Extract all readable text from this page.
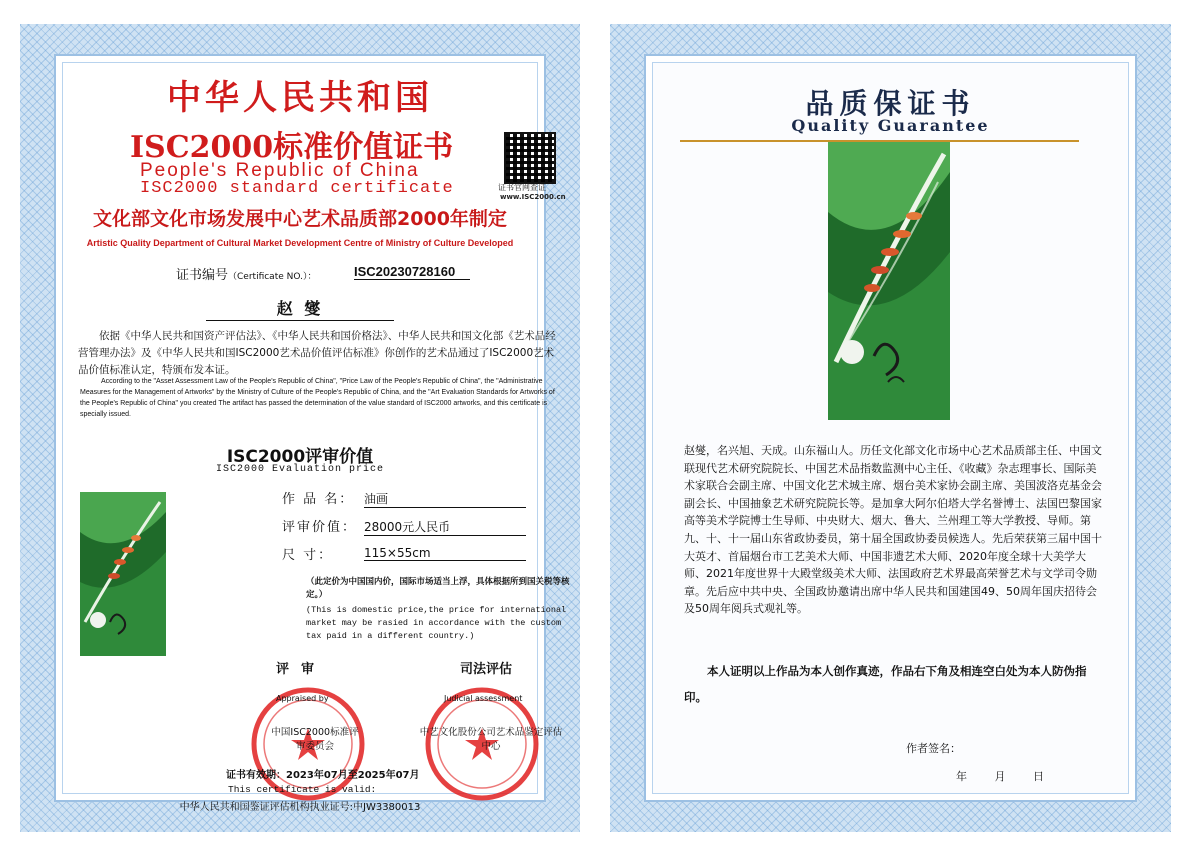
中华人民共和国
ISC2000标准价值证书
People's Republic of China
ISC2000 standard certificate	证书官网查证
www.ISC2000.cn
文化部文化市场发展中心艺术品质部2000年制定
Artistic Quality Department of Cultural Market Development Centre of Ministry of Culture Developed
证书编号（Certificate NO.）：	ISC20230728160
赵 燮
依据《中华人民共和国资产评估法》、《中华人民共和国价格法》、中华人民共和国文化部《艺术品经营管理办法》及《中华人民共和国ISC2000艺术品价值评估标准》你创作的艺术品通过了ISC2000艺术品价值标准认定，特颁布发本证。
According to the "Asset Assessment Law of the People's Republic of China", "Price Law of the People's Republic of China", the "Administrative Measures for the Management of Artworks" by the Ministry of Culture of the People's Republic of China, and the "Art Evaluation Standards for Artworks of the People's Republic of China" you created The artifact has passed the determination of the value standard of ISC2000 artworks, and this certificate is specially issued.
ISC2000评审价值
ISC2000 Evaluation price
作 品 名： 油画
评审价值： 28000元人民币
尺 寸：	115×55cm
（此定价为中国国内价，国际市场适当上浮，具体根据所到国关税等核定。）
(This is domestic price,the price for international market may be rasied in accordance with the custom tax paid in a different country.)
评审	司法评估
Appraised by	Judicial assessment
中国ISC2000标准评审委员会
中艺文化股份公司艺术品鉴定评估中心
证书有效期：2023年07月至2025年07月
This certificate is valid:
中华人民共和国鉴证评估机构执业证号:中JW3380013
品质保证书
Quality Guarantee
赵燮，名兴旭、天成。山东福山人。历任文化部文化市场中心艺术品质部主任、中国文联现代艺术研究院院长、中国艺术品指数监测中心主任、《收藏》杂志理事长、国际美术家联合会副主席、中国文化艺术城主席、烟台美术家协会副主席、美国波洛克基金会副会长、中国抽象艺术研究院院长等。是加拿大阿尔伯塔大学名誉博士、法国巴黎国家高等美术学院博士生导师、中央财大、烟大、鲁大、兰州理工等大学教授、导师。第九、十、十一届山东省政协委员，第十届全国政协委员候选人。先后荣获第三届中国十大英才、首届烟台市工艺美术大师、中国非遗艺术大师、2020年度全球十大美学大师、2021年度世界十大殿堂级美术大师、法国政府艺术界最高荣誉艺术与文学司令勋章。先后应中共中央、全国政协邀请出席中华人民共和国建国49、50周年国庆招待会及50周年阅兵式观礼等。
本人证明以上作品为本人创作真迹，作品右下角及相连空白处为本人防伪指印。
作者签名：
年 月 日
